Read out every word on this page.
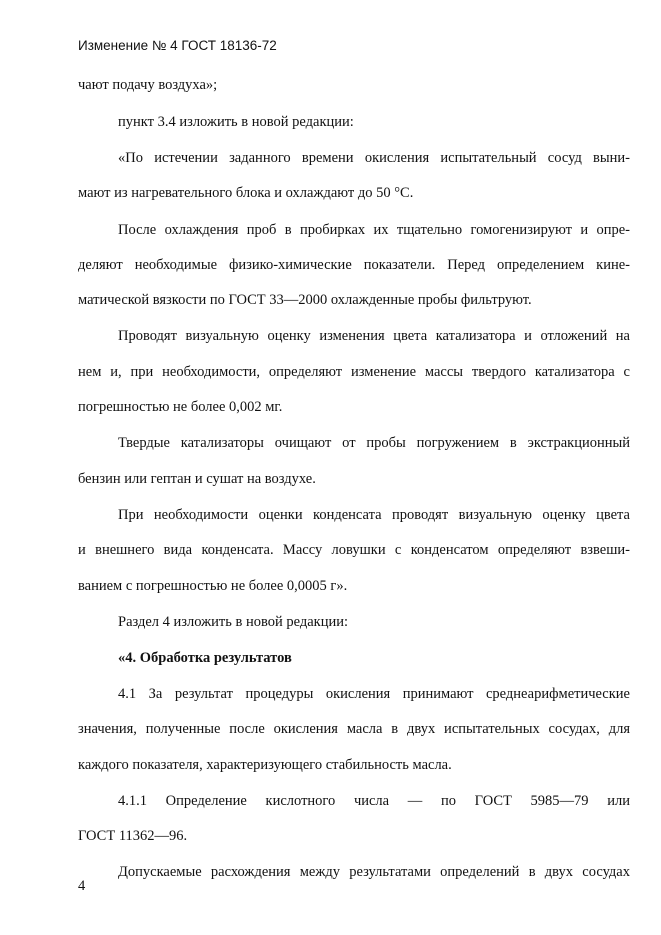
Изменение № 4 ГОСТ 18136-72
чают подачу воздуха»;
пункт 3.4 изложить в новой редакции:
«По истечении заданного времени окисления испытательный сосуд выни-
мают из нагревательного блока и охлаждают до 50 °С.
После охлаждения проб в пробирках их тщательно гомогенизируют и опре-
деляют необходимые физико-химические показатели. Перед определением кине-
матической вязкости по ГОСТ 33—2000 охлажденные пробы фильтруют.
Проводят визуальную оценку изменения цвета катализатора и отложений на
нем и, при необходимости, определяют изменение массы твердого катализатора с
погрешностью не более 0,002 мг.
Твердые катализаторы очищают от пробы погружением в экстракционный
бензин или гептан и сушат на воздухе.
При необходимости оценки конденсата проводят визуальную оценку цвета
и внешнего вида конденсата. Массу ловушки с конденсатом определяют взвеши-
ванием с погрешностью не более 0,0005 г».
Раздел 4 изложить в новой редакции:
«4. Обработка результатов
4.1 За результат процедуры окисления принимают среднеарифметические
значения, полученные после окисления масла в двух испытательных сосудах, для
каждого показателя, характеризующего стабильность масла.
4.1.1 Определение кислотного числа — по ГОСТ 5985—79 или
ГОСТ 11362—96.
Допускаемые расхождения между результатами определений в двух сосудах
4
